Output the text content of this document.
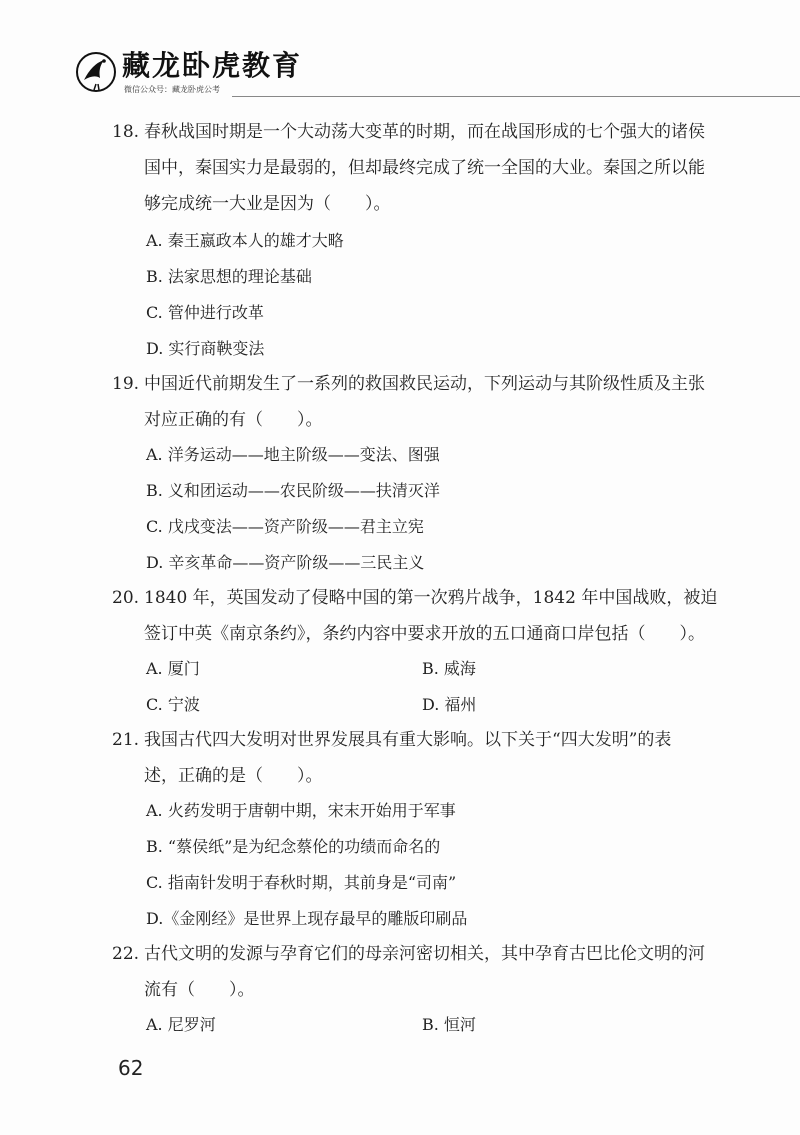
藏龙卧虎教育
微信公众号：藏龙卧虎公考
18. 春秋战国时期是一个大动荡大变革的时期，而在战国形成的七个强大的诸侯
国中，秦国实力是最弱的，但却最终完成了统一全国的大业。秦国之所以能
够完成统一大业是因为（　　）。
A. 秦王嬴政本人的雄才大略
B. 法家思想的理论基础
C. 管仲进行改革
D. 实行商鞅变法
19. 中国近代前期发生了一系列的救国救民运动，下列运动与其阶级性质及主张
对应正确的有（　　）。
A. 洋务运动——地主阶级——变法、图强
B. 义和团运动——农民阶级——扶清灭洋
C. 戊戌变法——资产阶级——君主立宪
D. 辛亥革命——资产阶级——三民主义
20. 1840 年，英国发动了侵略中国的第一次鸦片战争，1842 年中国战败，被迫
签订中英《南京条约》，条约内容中要求开放的五口通商口岸包括（　　）。
A. 厦门	B. 威海
C. 宁波	D. 福州
21. 我国古代四大发明对世界发展具有重大影响。以下关于“四大发明”的表
述，正确的是（　　）。
A. 火药发明于唐朝中期，宋末开始用于军事
B. “蔡侯纸”是为纪念蔡伦的功绩而命名的
C. 指南针发明于春秋时期，其前身是“司南”
D.《金刚经》是世界上现存最早的雕版印刷品
22. 古代文明的发源与孕育它们的母亲河密切相关，其中孕育古巴比伦文明的河
流有（　　）。
A. 尼罗河	B. 恒河
62
